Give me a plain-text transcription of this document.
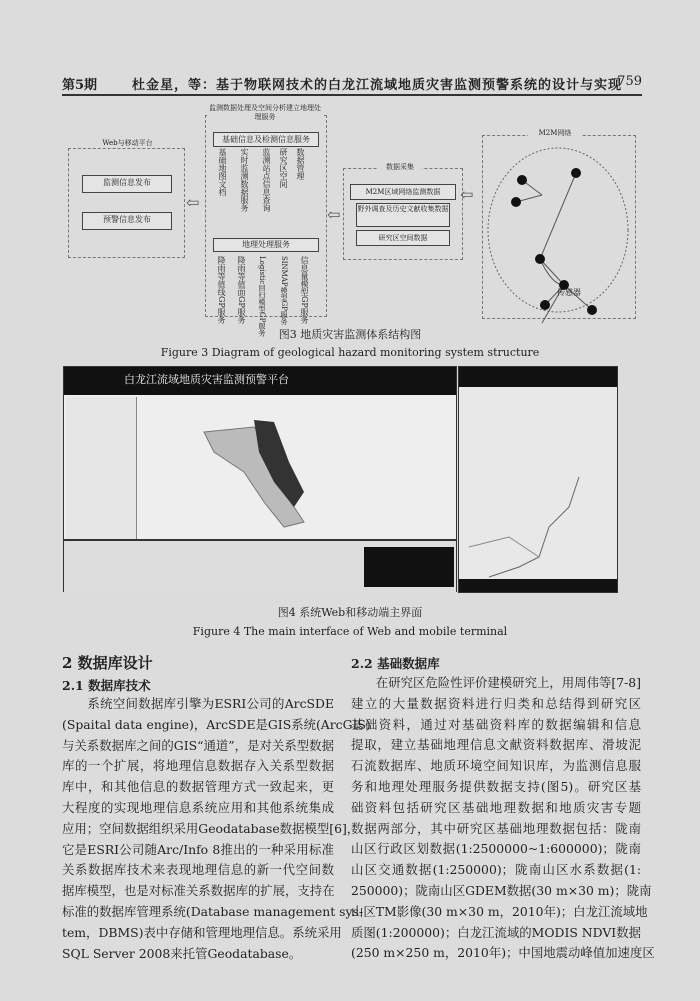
第5期	杜金星，等：基于物联网技术的白龙江流域地质灾害监测预警系统的设计与实现
759
Web与移动平台
监测信息发布
预警信息发布
⇦
监测数据处理及空间分析建立地理处理服务
基础信息及检测信息服务
基础地图文档 实时监测数据服务 监测站点信息查询 研究区空间 数据管理
地理处理服务
降雨等值线GP服务 降雨等值面GP服务 Logistic回归模型GP服务 SINMAP模型GP服务 信息量模型GP服务
⇦
数据采集
M2M区域网络监测数据
野外调查及历史文献收集数据
研究区空间数据
⇦
M2M网络
传感器
图3 地质灾害监测体系结构图
Figure 3 Diagram of geological hazard monitoring system structure
白龙江流域地质灾害监测预警平台
图4 系统Web和移动端主界面
Figure 4 The main interface of Web and mobile terminal
2 数据库设计
2.1 数据库技术
　　系统空间数据库引擎为ESRI公司的ArcSDE
(Spaital data engine)，ArcSDE是GIS系统(ArcGIS)
与关系数据库之间的GIS“通道”，是对关系型数据
库的一个扩展，将地理信息数据存入关系型数据
库中，和其他信息的数据管理方式一致起来，更
大程度的实现地理信息系统应用和其他系统集成
应用；空间数据组织采用Geodatabase数据模型[6]，
它是ESRI公司随Arc/Info 8推出的一种采用标准
关系数据库技术来表现地理信息的新一代空间数
据库模型，也是对标准关系数据库的扩展，支持在
标准的数据库管理系统(Database management sys-
tem，DBMS)表中存储和管理地理信息。系统采用
SQL Server 2008来托管Geodatabase。
2.2 基础数据库
　　在研究区危险性评价建模研究上，用周伟等[7-8]
建立的大量数据资料进行归类和总结得到研究区
基础资料，通过对基础资料库的数据编辑和信息
提取，建立基础地理信息文献资料数据库、滑坡泥
石流数据库、地质环境空间知识库，为监测信息服
务和地理处理服务提供数据支持(图5)。研究区基
础资料包括研究区基础地理数据和地质灾害专题
数据两部分，其中研究区基础地理数据包括：陇南
山区行政区划数据(1:2500000~1:600000)；陇南
山区交通数据(1:250000)；陇南山区水系数据(1:
250000)；陇南山区GDEM数据(30 m×30 m)；陇南
山区TM影像(30 m×30 m，2010年)；白龙江流域地
质图(1:200000)；白龙江流域的MODIS NDVI数据
(250 m×250 m，2010年)；中国地震动峰值加速度区
